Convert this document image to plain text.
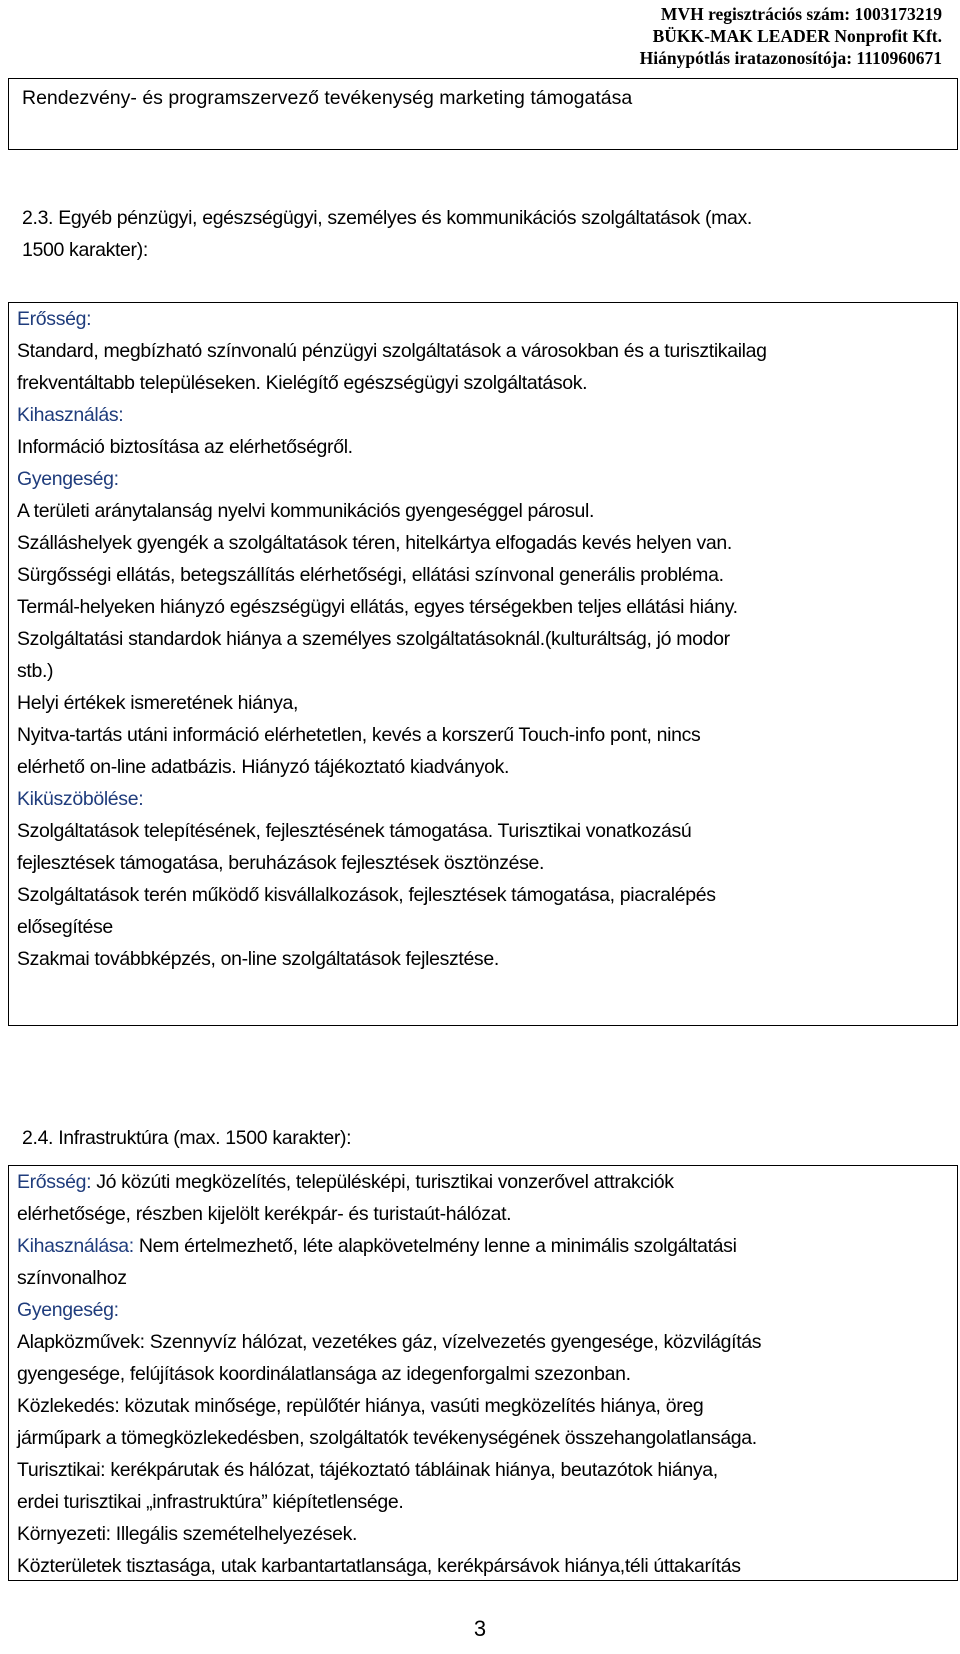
MVH regisztrációs szám: 1003173219
BÜKK-MAK LEADER Nonprofit Kft.
Hiánypótlás iratazonosítója: 1110960671
Rendezvény- és programszervező tevékenység marketing támogatása
2.3. Egyéb pénzügyi, egészségügyi, személyes és kommunikációs szolgáltatások (max.
1500 karakter):
Erősség:
Standard, megbízható színvonalú pénzügyi szolgáltatások a városokban és a turisztikailag
frekventáltabb településeken. Kielégítő egészségügyi szolgáltatások.
Kihasználás:
Információ biztosítása az elérhetőségről.
Gyengeség:
A területi aránytalanság nyelvi kommunikációs gyengeséggel párosul.
Szálláshelyek gyengék a szolgáltatások téren, hitelkártya elfogadás kevés helyen van.
Sürgősségi ellátás, betegszállítás elérhetőségi, ellátási színvonal generális probléma.
Termál-helyeken hiányzó egészségügyi ellátás, egyes térségekben teljes ellátási hiány.
Szolgáltatási standardok hiánya a személyes szolgáltatásoknál.(kulturáltság, jó modor
stb.)
Helyi értékek ismeretének hiánya,
Nyitva-tartás utáni információ elérhetetlen, kevés a korszerű Touch-info pont, nincs
elérhető on-line adatbázis. Hiányzó tájékoztató kiadványok.
Kiküszöbölése:
Szolgáltatások telepítésének, fejlesztésének támogatása. Turisztikai vonatkozású
fejlesztések támogatása, beruházások fejlesztések ösztönzése.
Szolgáltatások terén működő kisvállalkozások, fejlesztések támogatása, piacralépés
elősegítése
Szakmai továbbképzés, on-line szolgáltatások fejlesztése.
2.4. Infrastruktúra (max. 1500 karakter):
Erősség: Jó közúti megközelítés, településképi, turisztikai vonzerővel attrakciók
elérhetősége, részben kijelölt kerékpár- és turistaút-hálózat.
Kihasználása: Nem értelmezhető, léte alapkövetelmény lenne a minimális szolgáltatási
színvonalhoz
Gyengeség:
Alapközművek: Szennyvíz hálózat, vezetékes gáz, vízelvezetés gyengesége, közvilágítás
gyengesége, felújítások koordinálatlansága az idegenforgalmi szezonban.
Közlekedés: közutak minősége, repülőtér hiánya, vasúti megközelítés hiánya, öreg
járműpark a tömegközlekedésben, szolgáltatók tevékenységének összehangolatlansága.
Turisztikai: kerékpárutak és hálózat, tájékoztató tábláinak hiánya, beutazótok hiánya,
erdei turisztikai „infrastruktúra” kiépítetlensége.
Környezeti: Illegális szemételhelyezések.
Közterületek tisztasága, utak karbantartatlansága, kerékpársávok hiánya,téli úttakarítás
3
